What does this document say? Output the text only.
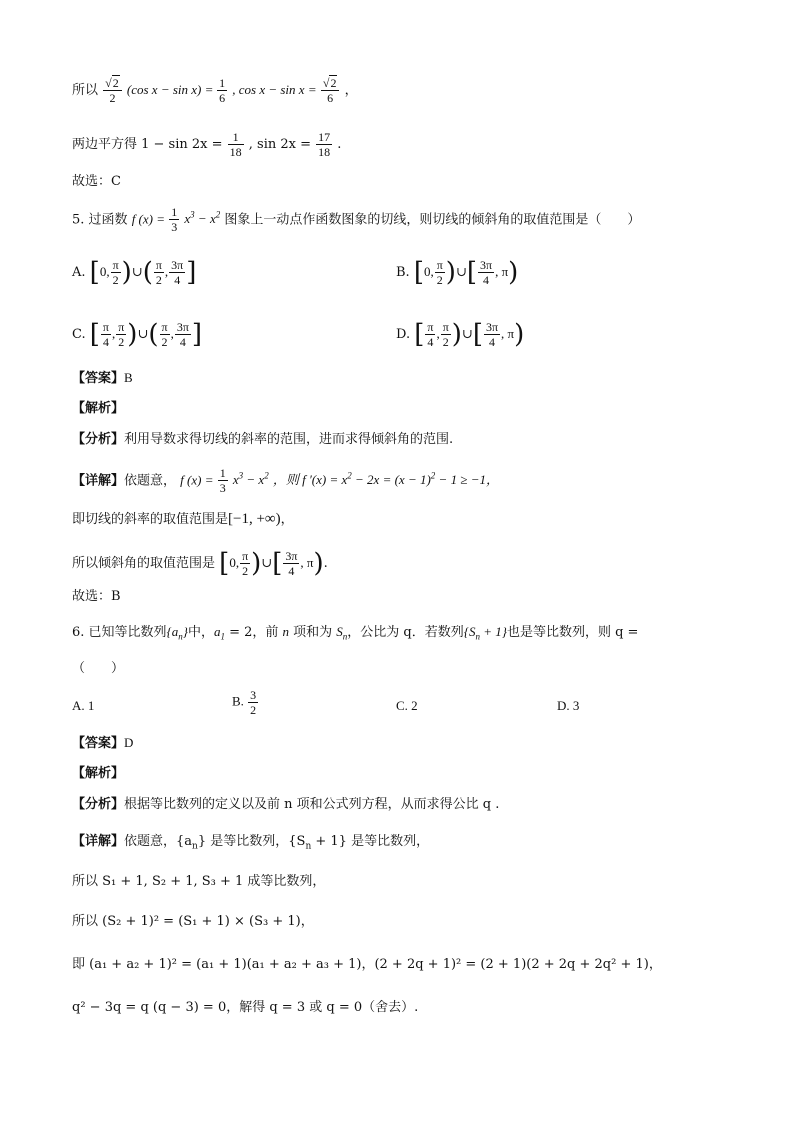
所以 $\frac{√2}{2} (\cos$ $x - \sin x) = \frac{1}{6}$ , $\cos x - \sin x = \frac{√2}{6}$ ，
两边平方得 $1 - \sin 2x = \frac{1}{18}$ , $\sin 2x = \frac{17}{18}$ .
故选：C
5. 过函数 f $(x) = \frac{1}{3} x^3 - x^2$ 图象上一动点作函数图象的切线，则切线的倾斜角的取值范围是（　　）
A. [0, $\frac{\pi}{2}$ )∪( $\frac{\pi}{2}$ , $\frac{3\pi}{4}$ ]	B. [0, $\frac{\pi}{2}$ )∪[ $\frac{3\pi}{4}$ , π)
C. [ $\frac{\pi}{4}$ , $\frac{\pi}{2}$ )∪( $\frac{\pi}{2}$ , $\frac{3\pi}{4}$ ]	D. [ $\frac{\pi}{4}$ , $\frac{\pi}{2}$ )∪[ $\frac{3\pi}{4}$ , π)
【答案】B
【解析】
【分析】利用导数求得切线的斜率的范围，进而求得倾斜角的范围.
【详解】依题意， f $(x) = \frac{1}{3} x^3 - x^2$ ，则 f $'(x) = x^2 - 2x = (x - 1)^2 - 1 \ge -1$，
即切线的斜率的取值范围是[−1, +∞)，
所以倾斜角的取值范围是 [0, $\frac{\pi}{2}$ )∪[ $\frac{3\pi}{4}$ , π).
故选：B
6. 已知等比数列$\{a_n\}$中，$a_1 = 2$，前 n 项和为 $S_n$，公比为 q．若数列$\{S_n + 1\}$也是等比数列，则 q =
（　　）
A. 1	B. $\frac{3}{2}$	C. 2	D. 3
【答案】D
【解析】
【分析】根据等比数列的定义以及前 n 项和公式列方程，从而求得公比 q .
【详解】依题意，$\{a_n\}$ 是等比数列，$\{S_n + 1\}$ 是等比数列，
所以 S₁ + 1, S₂ + 1, S₃ + 1 成等比数列，
所以 (S₂ + 1)² = (S₁ + 1) × (S₃ + 1)，
即 (a₁ + a₂ + 1)² = (a₁ + 1)(a₁ + a₂ + a₃ + 1)，(2 + 2q + 1)² = (2 + 1)(2 + 2q + 2q² + 1)，
q² − 3q = q (q − 3) = 0，解得 q = 3 或 q = 0（舍去）.
